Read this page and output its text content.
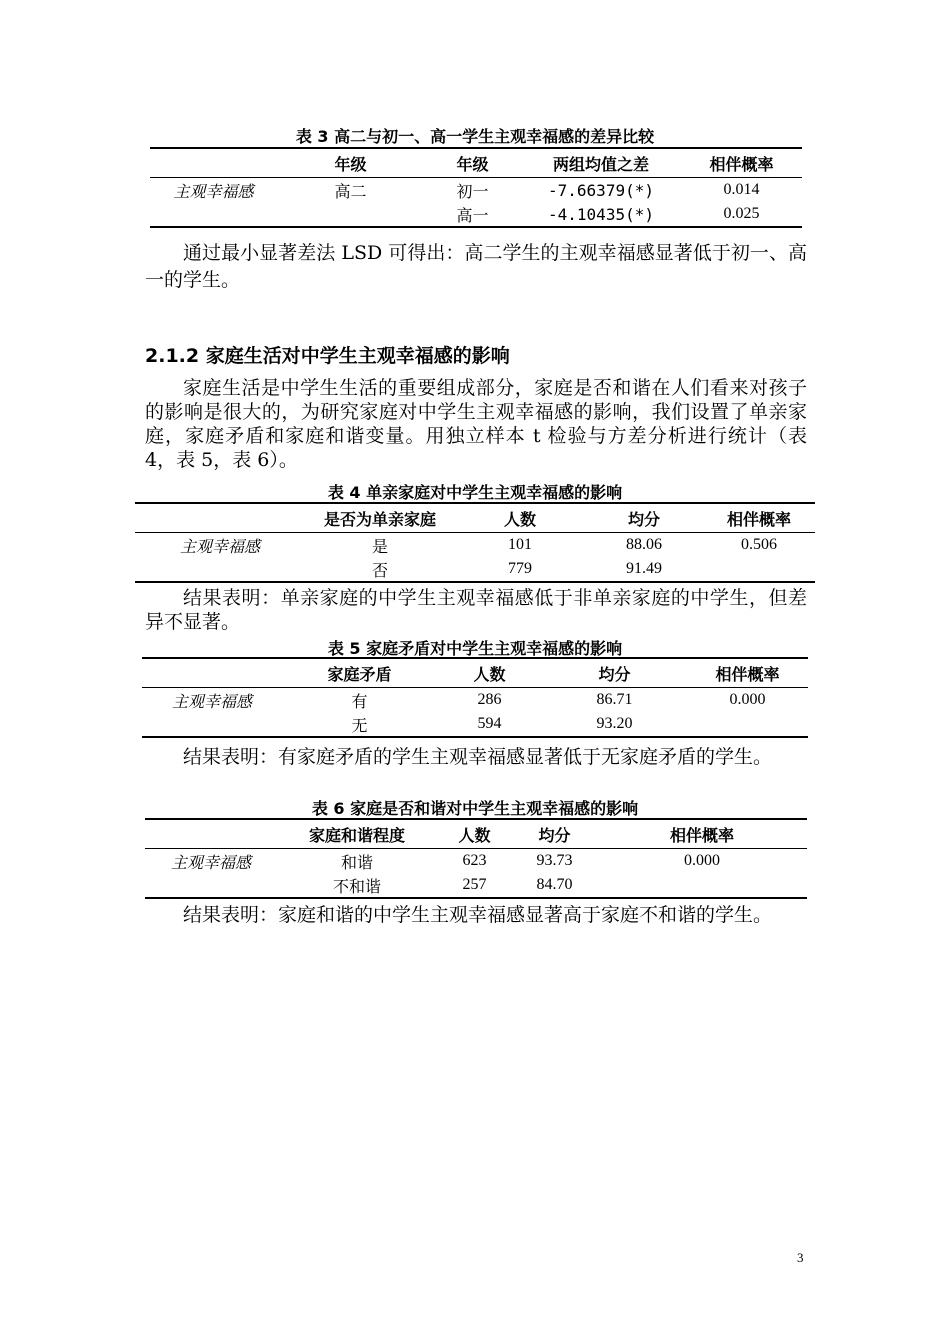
表 3 高二与初一、高一学生主观幸福感的差异比较
	年级	年级	两组均值之差	相伴概率
主观幸福感	高二	初一	-7.66379(*)	0.014
		高一	-4.10435(*)	0.025

通过最小显著差法 LSD 可得出：高二学生的主观幸福感显著低于初一、高一的学生。

2.1.2 家庭生活对中学生主观幸福感的影响

家庭生活是中学生生活的重要组成部分，家庭是否和谐在人们看来对孩子的影响是很大的，为研究家庭对中学生主观幸福感的影响，我们设置了单亲家庭，家庭矛盾和家庭和谐变量。用独立样本 t 检验与方差分析进行统计（表 4，表 5，表 6）。

表 4 单亲家庭对中学生主观幸福感的影响
	是否为单亲家庭	人数	均分	相伴概率
主观幸福感	是	101	88.06	0.506
	否	779	91.49	

结果表明：单亲家庭的中学生主观幸福感低于非单亲家庭的中学生，但差异不显著。

表 5 家庭矛盾对中学生主观幸福感的影响
	家庭矛盾	人数	均分	相伴概率
主观幸福感	有	286	86.71	0.000
	无	594	93.20	

结果表明：有家庭矛盾的学生主观幸福感显著低于无家庭矛盾的学生。

表 6 家庭是否和谐对中学生主观幸福感的影响
	家庭和谐程度	人数	均分	相伴概率
主观幸福感	和谐	623	93.73	0.000
	不和谐	257	84.70	

结果表明：家庭和谐的中学生主观幸福感显著高于家庭不和谐的学生。

3
